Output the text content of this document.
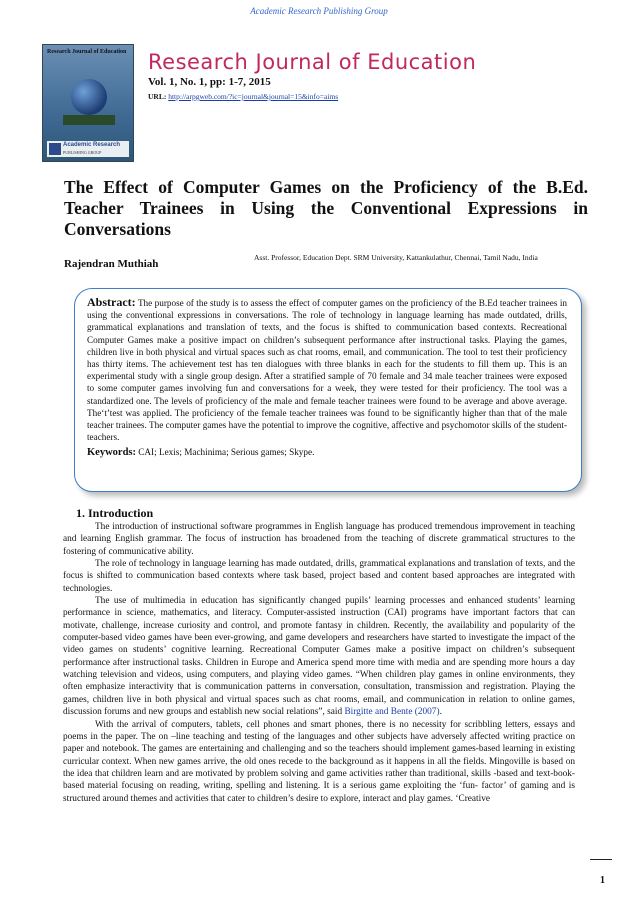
Academic Research Publishing Group
Research Journal of Education
Academic Research
PUBLISHING GROUP
Research Journal of Education
Vol. 1, No. 1, pp: 1-7, 2015
URL: http://arpgweb.com/?ic=journal&journal=15&info=aims
The Effect of Computer Games on the Proficiency of the B.Ed. Teacher Trainees in Using the Conventional Expressions in Conversations
Rajendran Muthiah
Asst. Professor, Education Dept. SRM University, Kattankulathur, Chennai, Tamil Nadu, India
Abstract: The purpose of the study is to assess the effect of computer games on the proficiency of the B.Ed teacher trainees in using the conventional expressions in conversations. The role of technology in language learning has made outdated, drills, grammatical explanations and translation of texts, and the focus is shifted to communication based contexts. Recreational Computer Games make a positive impact on children’s subsequent performance after instructional tasks. Playing the games, children live in both physical and virtual spaces such as chat rooms, email, and communication. The tool to test their proficiency has thirty items. The achievement test has ten dialogues with three blanks in each for the students to fill them up. This is an experimental study with a single group design. After a stratified sample of 70 female and 34 male teacher trainees were exposed to some computer games involving fun and conversations for a week, they were tested for their proficiency. The tool was a standardized one. The levels of proficiency of the male and female teacher trainees were found to be average and above average. The‘t’test was applied. The proficiency of the female teacher trainees was found to be significantly higher than that of the male teacher trainees. The computer games have the potential to improve the cognitive, affective and psychomotor skills of the student-teachers.
Keywords: CAI; Lexis; Machinima; Serious games; Skype.
1. Introduction

The introduction of instructional software programmes in English language has produced tremendous improvement in teaching and learning English grammar. The focus of instruction has broadened from the teaching of discrete grammatical structures to the fostering of communicative ability.

The role of technology in language learning has made outdated, drills, grammatical explanations and translation of texts, and the focus is shifted to communication based contexts where task based, project based and content based approaches are integrated with technologies.

The use of multimedia in education has significantly changed pupils’ learning processes and enhanced students’ learning performance in science, mathematics, and literacy. Computer-assisted instruction (CAI) programs have important factors that can motivate, challenge, increase curiosity and control, and promote fantasy in children. Recently, the availability and popularity of the computer-based video games have been ever-growing, and game developers and researchers have started to investigate the impact of the video games on students’ cognitive learning. Recreational Computer Games make a positive impact on children’s subsequent performance after instructional tasks. Children in Europe and America spend more time with media and are spending more hours a day watching television and videos, using computers, and playing video games. “When children play games in online environments, they often emphasize interactivity that is communication patterns in conversation, consultation, transmission and registration. Playing the games, children live in both physical and virtual spaces such as chat rooms, email, and communication in relation to online games, discussion forums and new groups and establish new social relations”, said Birgitte and Bente (2007).

With the arrival of computers, tablets, cell phones and smart phones, there is no necessity for scribbling letters, essays and poems in the paper. The on –line teaching and testing of the languages and other subjects have adversely affected writing practice on paper and notebook. The games are entertaining and challenging and so the teachers should implement games-based learning in existing curricular context. When new games arrive, the old ones recede to the background as it happens in all the fields. Mingoville is based on the idea that children learn and are motivated by problem solving and game activities rather than traditional, skills -based and text-book- based material focusing on reading, writing, spelling and listening. It is a serious game exploiting the ‘fun- factor’ of gaming and is structured around themes and activities that cater to children’s desire to explore, interact and play games. ‘Creative

1
